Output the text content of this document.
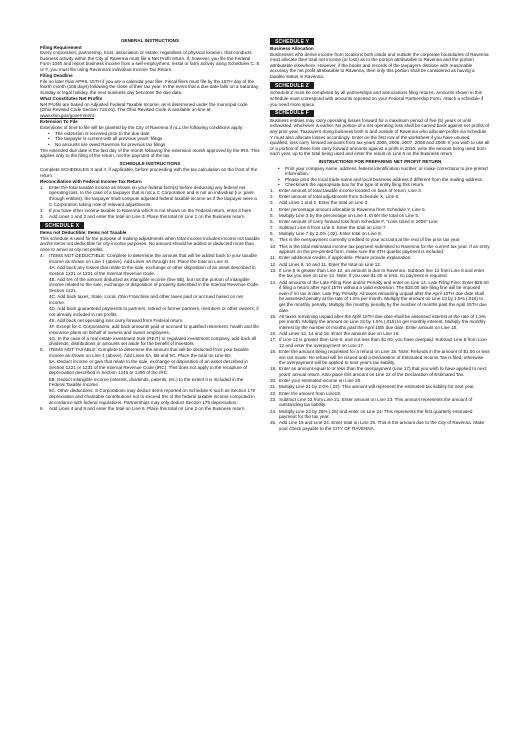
GENERAL INSTRUCTIONS
Filing Requirement

Every corporation, partnership, trust, association or estate, regardless of physical location, that conducts business activity within the City of Ravenna must file a Net Profit return. If, however, you file the Federal Form 1040 and report business income from a self-employment, rental or farm activity using Schedules C, E or F, you must file using Ravenna's individual Income Tax Return.

Filing Deadline

File no later than APRIL 15TH if you are a calendar year filer. Fiscal filers must file by the 15TH day of the fourth month (105 days) following the close of their tax year. In the event that a due date falls on a Saturday, Sunday or legal holiday, the next business day becomes the due date.

What Constitutes Net Profits

Net Profits are based on Adjusted Federal Taxable Income, as is determined under the municipal code (Ohio Revised Code Section 718.01). The Ohio Revised Code is available on-line at: www.ohio.gov/government.

Extension To File

Extensions of time to file will be granted by the City of Ravenna if ALL the following conditions apply:

•	The extension is received prior to the due date
•	The taxpayer is current with all previous years' filings
•	No amounts are owed Ravenna for previous tax filings

The extended due date is the last day of the month following the extension month approved by the IRS. This applies only to the filing of the return, not the payment of the tax.

SCHEDULE INSTRUCTIONS

Complete SCHEDULES X and Y, if applicable, before proceeding with the tax calculation on the front of the return.

Reconciliation with Federal Income Tax Return
1.	Enter the total taxable income as shown on your federal form(s) before deducting any federal net operating loss. In the case of a taxpayer that is not a C Corporation and is not an individual (i.e. pass-through entities), the taxpayer shall compute adjusted federal taxable income as if the taxpayer were a C Corporation taking note of relevant adjustments.
2.	If you have other income taxable to Ravenna which is not shown on the Federal return, enter it here.
3.	Add Lines 1 and 2 and enter the total on Line 3. Place this total on Line 1 on the Business return.
SCHEDULE X
Items not Deductible; Items not Taxable

This schedule is used for the purpose of making adjustments when total income includes income not taxable and/or items not deductible for city income purposes. No amount should be added or deducted more than once to arrive at city net profits.

4.	ITEMS NOT DEDUCTIBLE: Complete to determine the amount that will be added back to your taxable income as shown on Line 1 (above). Add Lines 4A through 4H. Place the total on Line 4I.

4A. Add back any losses that relate to the sale, exchange or other disposition of an asset described in Section 1221 or 1231 of the Internal Revenue Code.

4B. Add 5% of the amount deducted as intangible income (line 5B), but not the portion of intangible income related to the sale, exchange or disposition of property described in the Internal Revenue Code, Section 1221.

4C. Add back taxes, State, Local, Ohio Franchise and other taxes paid or accrued based on net income.

4D. Add back guaranteed payments to partners, retired or former partners, members or other owners, if not already included in net profits.

4E. Add back net operating loss carry forward from Federal return.

4F. Except for C Corporations, add back amounts paid or accrued to qualified retirement, health and life insurance plans on behalf of owners and owner employees.

4G. In the case of a real estate investment trust (REIT) or regulated investment company, add back all dividends, distributions or amounts set aside for the benefit of investors.

5.	ITEMS NOT TAXABLE: Complete to determine the amount that will be deducted from your taxable income as shown on Line 1 (above). Add Lines 5A, 5B and 5C. Place the total on Line 5D.

5A. Deduct income or gain that relate to the sale, exchange or disposition of an asset described in Section 1221 or 1231 of the Internal Revenue Code (IRC). This does not apply to the recapture of depreciation described in Section 1245 or 1250 of the IRC.

5B. Deduct intangible income (interest, dividends, patents, etc.) to the extent it is included in the Federal Taxable Income.

5C. Other deductions: S Corporations may deduct items reported on Schedule K such as Section 179 depreciation and charitable contributions not to exceed 5% of the federal taxable income computed in accordance with federal regulations. Partnerships may only deduct Section 179 depreciation.

6.	Add Lines 4 and 5 and enter the total on Line 6. Place this total on Line 2 on the Business return.
SCHEDULE Y
Business Allocation

Businesses who derive income from locations both inside and outside the corporate boundaries of Ravenna must allocate their total net income (or loss) as to the portion attributable to Ravenna and the portion attributable elsewhere. However, if the books and records of the taxpayers disclose with reasonable accuracy the net profit attributable to Ravenna, then only this portion shall be considered as having a taxable status in Ravenna.

SCHEDULE Z

Schedule Z must be completed by all partnerships and associations filing returns. Amounts shown in this schedule must correspond with amounts reported on your Federal Partnership Form. Attach a schedule if you need more space.

SCHEDULE F

Business entities may carry operating losses forward for a maximum period of five (5) years or until exhausted, whichever is earlier. No portion of a net operating loss shall be carried back against net profits of any prior year. Taxpayers doing business both in and outside of Ravenna who allocate profits via Schedule Y must also allocate losses accordingly. Enter on the first row of the worksheet if you have unused, qualified, loss carry forward amounts from tax years 2005, 2006, 2007, 2008 and 2009. If you wish to use all or a portion of these loss carry forward amounts against a profit in 2010, write the amount being used from each year, up to the total being used and enter the result on Line 6 on the Business return.

INSTRUCTIONS FOR PREPARING NET PROFIT RETURN
•	Print your company name, address, federal identification number, or make corrections to pre-printed information.
•	Please print the local trade name and local business address if different from the mailing address.
•	Checkmark the appropriate box for the type of entity filing this return.
1.	Enter amount of total taxable income located on back of return, Line 3.
2.	Enter amount of total adjustments from Schedule X, Line 6.
3.	Add Lines 1 and 2. Enter the total on Line 3.
4.	Enter percentage amount allocable to Ravenna from Schedule Y, Line 5.
5.	Multiply Line 3 by the percentage on Line 4. Enter the total on Line 5.
6.	Enter amount of carry forward loss from Schedule F, "Loss Used in 2008" Line
7.	Subtract Line 6 from Line 5. Enter the total on Line 7.
8.	Multiply Line 7 by 2.0% (.02). Enter total on Line 8.
9.	This is the overpayment currently credited to your account at the end of the prior tax year.
10. This is the total estimated income tax payment submitted to Ravenna for the current tax year. If an entry appears on the pre-printed form, make sure the 4TH quarter payment is included.
11. Enter additional credits, if applicable. Please provide explanation:
12. Add Lines 9, 10 and 11. Enter the total on Line 12.
13. If Line 8 is greater than Line 12, an amount is due to Ravenna. Subtract line 12 from Line 8 and enter the tax you owe on Line 13. Note: If you owe $1.00 or less, no payment is required.
14. Add amounts of the Late Filing Fine and/or Penalty and enter on Line 14. Late Filing Fine: Enter $25.00 if filing a return after April 15TH without a valid extension. The $25.00 late filing fine will be imposed even if no tax is due. Late Pay Penalty: All taxes remaining unpaid after the April 15TH due date shall be assessed penalty at the rate of 1.5% per month. Multiply the amount on Line 13 by 1.5% (.015) to get the monthly penalty. Multiply the monthly penalty by the number of months past the April 15TH due date.
15. All taxes remaining unpaid after the April 15TH due date shall be assessed interest at the rate of 1.5% per month. Multiply the amount on Line 13 by 1.5% (.015) to get monthly interest. Multiply the monthly interest by the number of months past the April 15th due date. Enter amount on Line 15.
16. Add Lines 13, 14 and 15. Enter the amount due on Line 16.
17. If Line 12 is greater than Line 8, and not less than $1.00, you have overpaid. Subtract Line 8 from Line 12 and enter the overpayment on Line 17.
18. Enter the amount being requested for a refund on Line 18. Note: Refunds in the amount of $1.00 or less are not made. No refund will be issued until a Declaration of Estimated Income Tax is filed, otherwise the overpayment will be applied to next year's tax liability.
19. Enter an amount equal to or less than the overpayment (Line 17) that you wish to have applied to next years' annual return. Also place this amount on Line 22 of the Declaration of Estimated Tax.
20. Enter your estimated income on Line 20.
21. Multiply Line 21 by 2.0% (.02). This amount will represent the estimated tax liability for next year.
22. Enter the amount from Line19.
23. Subtract Line 22 from Line 21. Enter amount on Line 23. This amount represents the amount of outstanding tax liability.
24. Multiply Line 23 by 25% (.25) and enter on Line 24. This represents the first quarterly estimated payment for the tax year.
25. Add Line 16 and Line 24. Enter total on Line 25. This is the amount due to the City of Ravenna. Make your check payable to the CITY OF RAVENNA.
